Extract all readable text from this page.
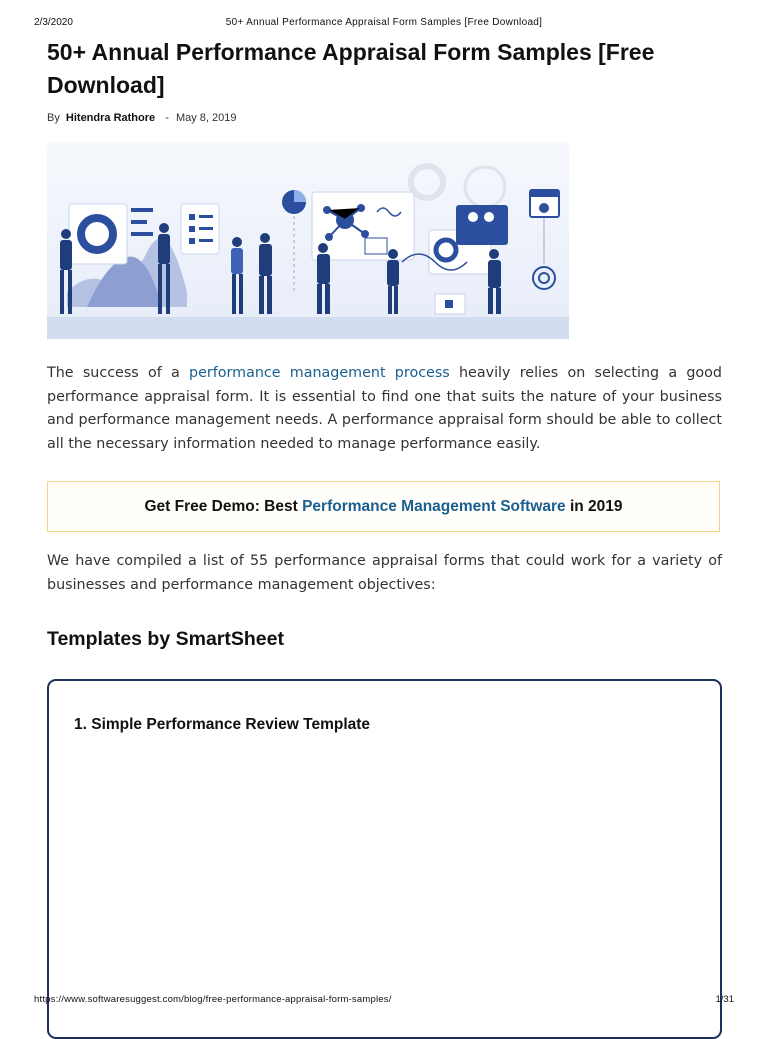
2/3/2020	50+ Annual Performance Appraisal Form Samples [Free Download]
50+ Annual Performance Appraisal Form Samples [Free Download]
By Hitendra Rathore - May 8, 2019

The success of a performance management process heavily relies on selecting a good performance appraisal form. It is essential to find one that suits the nature of your business and performance management needs. A performance appraisal form should be able to collect all the necessary information needed to manage performance easily.

Get Free Demo: Best Performance Management Software in 2019

We have compiled a list of 55 performance appraisal forms that could work for a variety of businesses and performance management objectives:

Templates by SmartSheet
1. Simple Performance Review Template
https://www.softwaresuggest.com/blog/free-performance-appraisal-form-samples/	1/31
